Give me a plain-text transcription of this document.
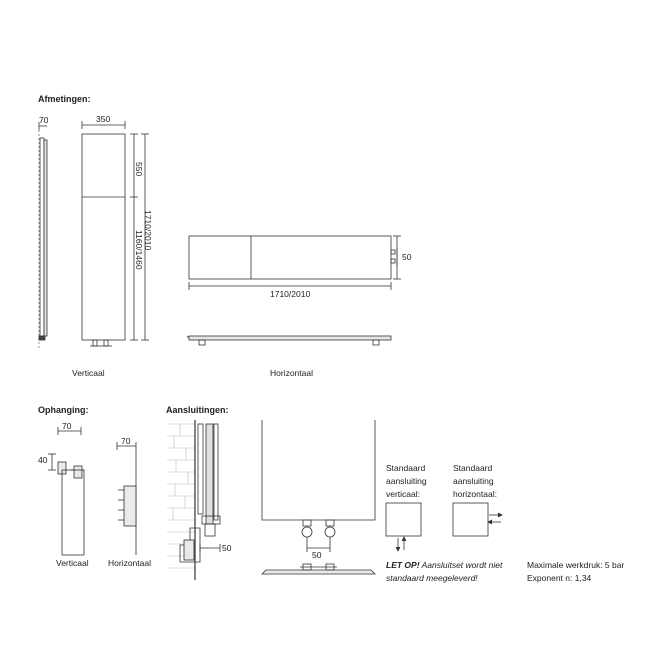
Afmetingen:
Ophanging:	Aansluitingen:
70	350
550
1710/2010
1160/1460	50
1710/2010
70
40
70
50
50
Verticaal	Horizontaal
Verticaal Horizontaal
Standaard
aansluiting
verticaal:
Standaard
aansluiting
horizontaal:
LET OP! Aansluitset wordt niet
standaard meegeleverd!
Maximale werkdruk: 5 bar
Exponent n: 1,34
